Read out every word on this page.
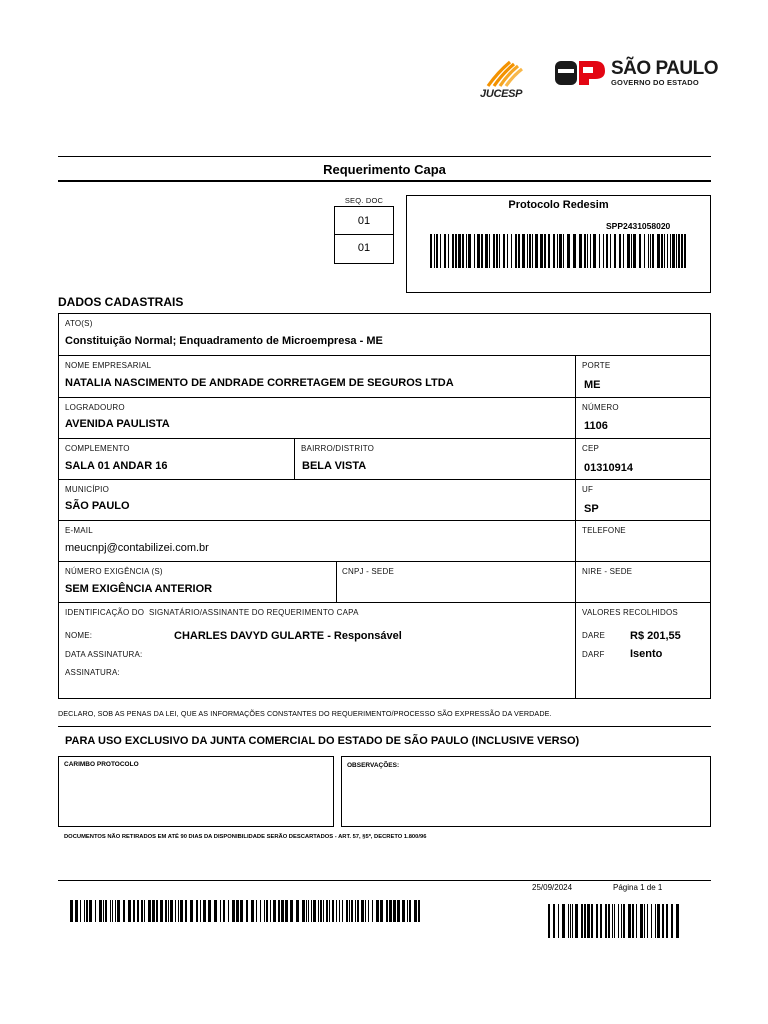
JUCESP
SÃO PAULO
GOVERNO DO ESTADO
Requerimento Capa
SEQ. DOC
01
01
Protocolo Redesim
SPP2431058020
DADOS CADASTRAIS
ATO(S)
Constituição Normal; Enquadramento de Microempresa - ME
NOME EMPRESARIAL
NATALIA NASCIMENTO DE ANDRADE CORRETAGEM DE SEGUROS LTDA
PORTE
ME
LOGRADOURO
AVENIDA PAULISTA
NÚMERO
1106
COMPLEMENTO
SALA 01 ANDAR 16
BAIRRO/DISTRITO
BELA VISTA
CEP
01310914
MUNICÍPIO
SÃO PAULO
UF
SP
E-MAIL
meucnpj@contabilizei.com.br
TELEFONE
NÚMERO EXIGÊNCIA (S)
SEM EXIGÊNCIA ANTERIOR
CNPJ - SEDE	NIRE - SEDE
IDENTIFICAÇÃO DO  SIGNATÁRIO/ASSINANTE DO REQUERIMENTO CAPA
NOME:	CHARLES DAVYD GULARTE - Responsável
DATA ASSINATURA:
ASSINATURA:
VALORES RECOLHIDOS
DARE R$ 201,55
DARF Isento
DECLARO, SOB AS PENAS DA LEI, QUE AS INFORMAÇÕES CONSTANTES DO REQUERIMENTO/PROCESSO SÃO EXPRESSÃO DA VERDADE.
PARA USO EXCLUSIVO DA JUNTA COMERCIAL DO ESTADO DE SÃO PAULO (INCLUSIVE VERSO)
CARIMBO PROTOCOLO	OBSERVAÇÕES:
DOCUMENTOS NÃO RETIRADOS EM ATÉ 90 DIAS DA DISPONIBILIDADE SERÃO DESCARTADOS - ART. 57, §5º, DECRETO 1.800/96
25/09/2024	Página 1 de 1
